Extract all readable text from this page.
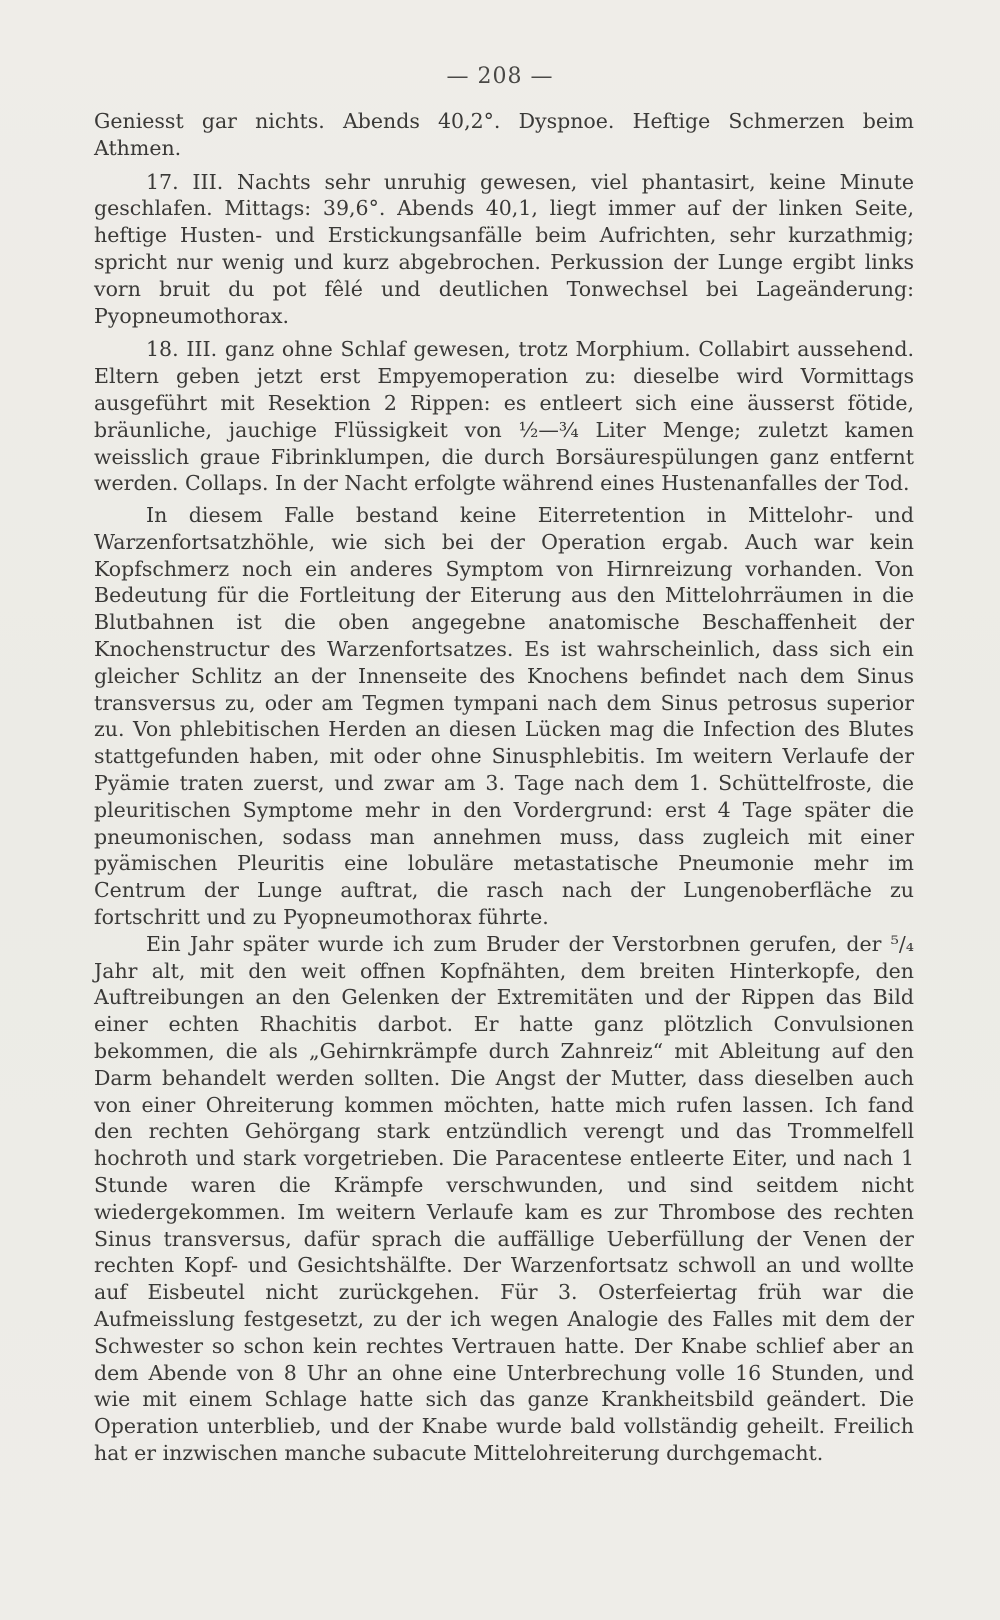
— 208 —

Geniesst gar nichts. Abends 40,2°. Dyspnoe. Heftige Schmerzen beim Athmen.

17. III. Nachts sehr unruhig gewesen, viel phantasirt, keine Minute geschlafen. Mittags: 39,6°. Abends 40,1, liegt immer auf der linken Seite, heftige Husten- und Erstickungsanfälle beim Aufrichten, sehr kurzathmig; spricht nur wenig und kurz abgebrochen. Perkussion der Lunge ergibt links vorn bruit du pot fêlé und deutlichen Tonwechsel bei Lageänderung: Pyopneumothorax.

18. III. ganz ohne Schlaf gewesen, trotz Morphium. Collabirt aussehend. Eltern geben jetzt erst Empyemoperation zu: dieselbe wird Vormittags ausgeführt mit Resektion 2 Rippen: es entleert sich eine äusserst fötide, bräunliche, jauchige Flüssigkeit von ½—¾ Liter Menge; zuletzt kamen weisslich graue Fibrinklumpen, die durch Borsäurespülungen ganz entfernt werden. Collaps. In der Nacht erfolgte während eines Hustenanfalles der Tod.

In diesem Falle bestand keine Eiterretention in Mittelohr- und Warzenfortsatzhöhle, wie sich bei der Operation ergab. Auch war kein Kopfschmerz noch ein anderes Symptom von Hirnreizung vorhanden. Von Bedeutung für die Fortleitung der Eiterung aus den Mittelohrräumen in die Blutbahnen ist die oben angegebne anatomische Beschaffenheit der Knochenstructur des Warzenfortsatzes. Es ist wahrscheinlich, dass sich ein gleicher Schlitz an der Innenseite des Knochens befindet nach dem Sinus transversus zu, oder am Tegmen tympani nach dem Sinus petrosus superior zu. Von phlebitischen Herden an diesen Lücken mag die Infection des Blutes stattgefunden haben, mit oder ohne Sinusphlebitis. Im weitern Verlaufe der Pyämie traten zuerst, und zwar am 3. Tage nach dem 1. Schüttelfroste, die pleuritischen Symptome mehr in den Vordergrund: erst 4 Tage später die pneumonischen, sodass man annehmen muss, dass zugleich mit einer pyämischen Pleuritis eine lobuläre metastatische Pneumonie mehr im Centrum der Lunge auftrat, die rasch nach der Lungenoberfläche zu fortschritt und zu Pyopneumothorax führte.

Ein Jahr später wurde ich zum Bruder der Verstorbnen gerufen, der ⁵/₄ Jahr alt, mit den weit offnen Kopfnähten, dem breiten Hinterkopfe, den Auftreibungen an den Gelenken der Extremitäten und der Rippen das Bild einer echten Rhachitis darbot. Er hatte ganz plötzlich Convulsionen bekommen, die als „Gehirnkrämpfe durch Zahnreiz“ mit Ableitung auf den Darm behandelt werden sollten. Die Angst der Mutter, dass dieselben auch von einer Ohreiterung kommen möchten, hatte mich rufen lassen. Ich fand den rechten Gehörgang stark entzündlich verengt und das Trommelfell hochroth und stark vorgetrieben. Die Paracentese entleerte Eiter, und nach 1 Stunde waren die Krämpfe verschwunden, und sind seitdem nicht wiedergekommen. Im weitern Verlaufe kam es zur Thrombose des rechten Sinus transversus, dafür sprach die auffällige Ueberfüllung der Venen der rechten Kopf- und Gesichtshälfte. Der Warzenfortsatz schwoll an und wollte auf Eisbeutel nicht zurückgehen. Für 3. Osterfeiertag früh war die Aufmeisslung festgesetzt, zu der ich wegen Analogie des Falles mit dem der Schwester so schon kein rechtes Vertrauen hatte. Der Knabe schlief aber an dem Abende von 8 Uhr an ohne eine Unterbrechung volle 16 Stunden, und wie mit einem Schlage hatte sich das ganze Krankheitsbild geändert. Die Operation unterblieb, und der Knabe wurde bald vollständig geheilt. Freilich hat er inzwischen manche subacute Mittelohreiterung durchgemacht.
